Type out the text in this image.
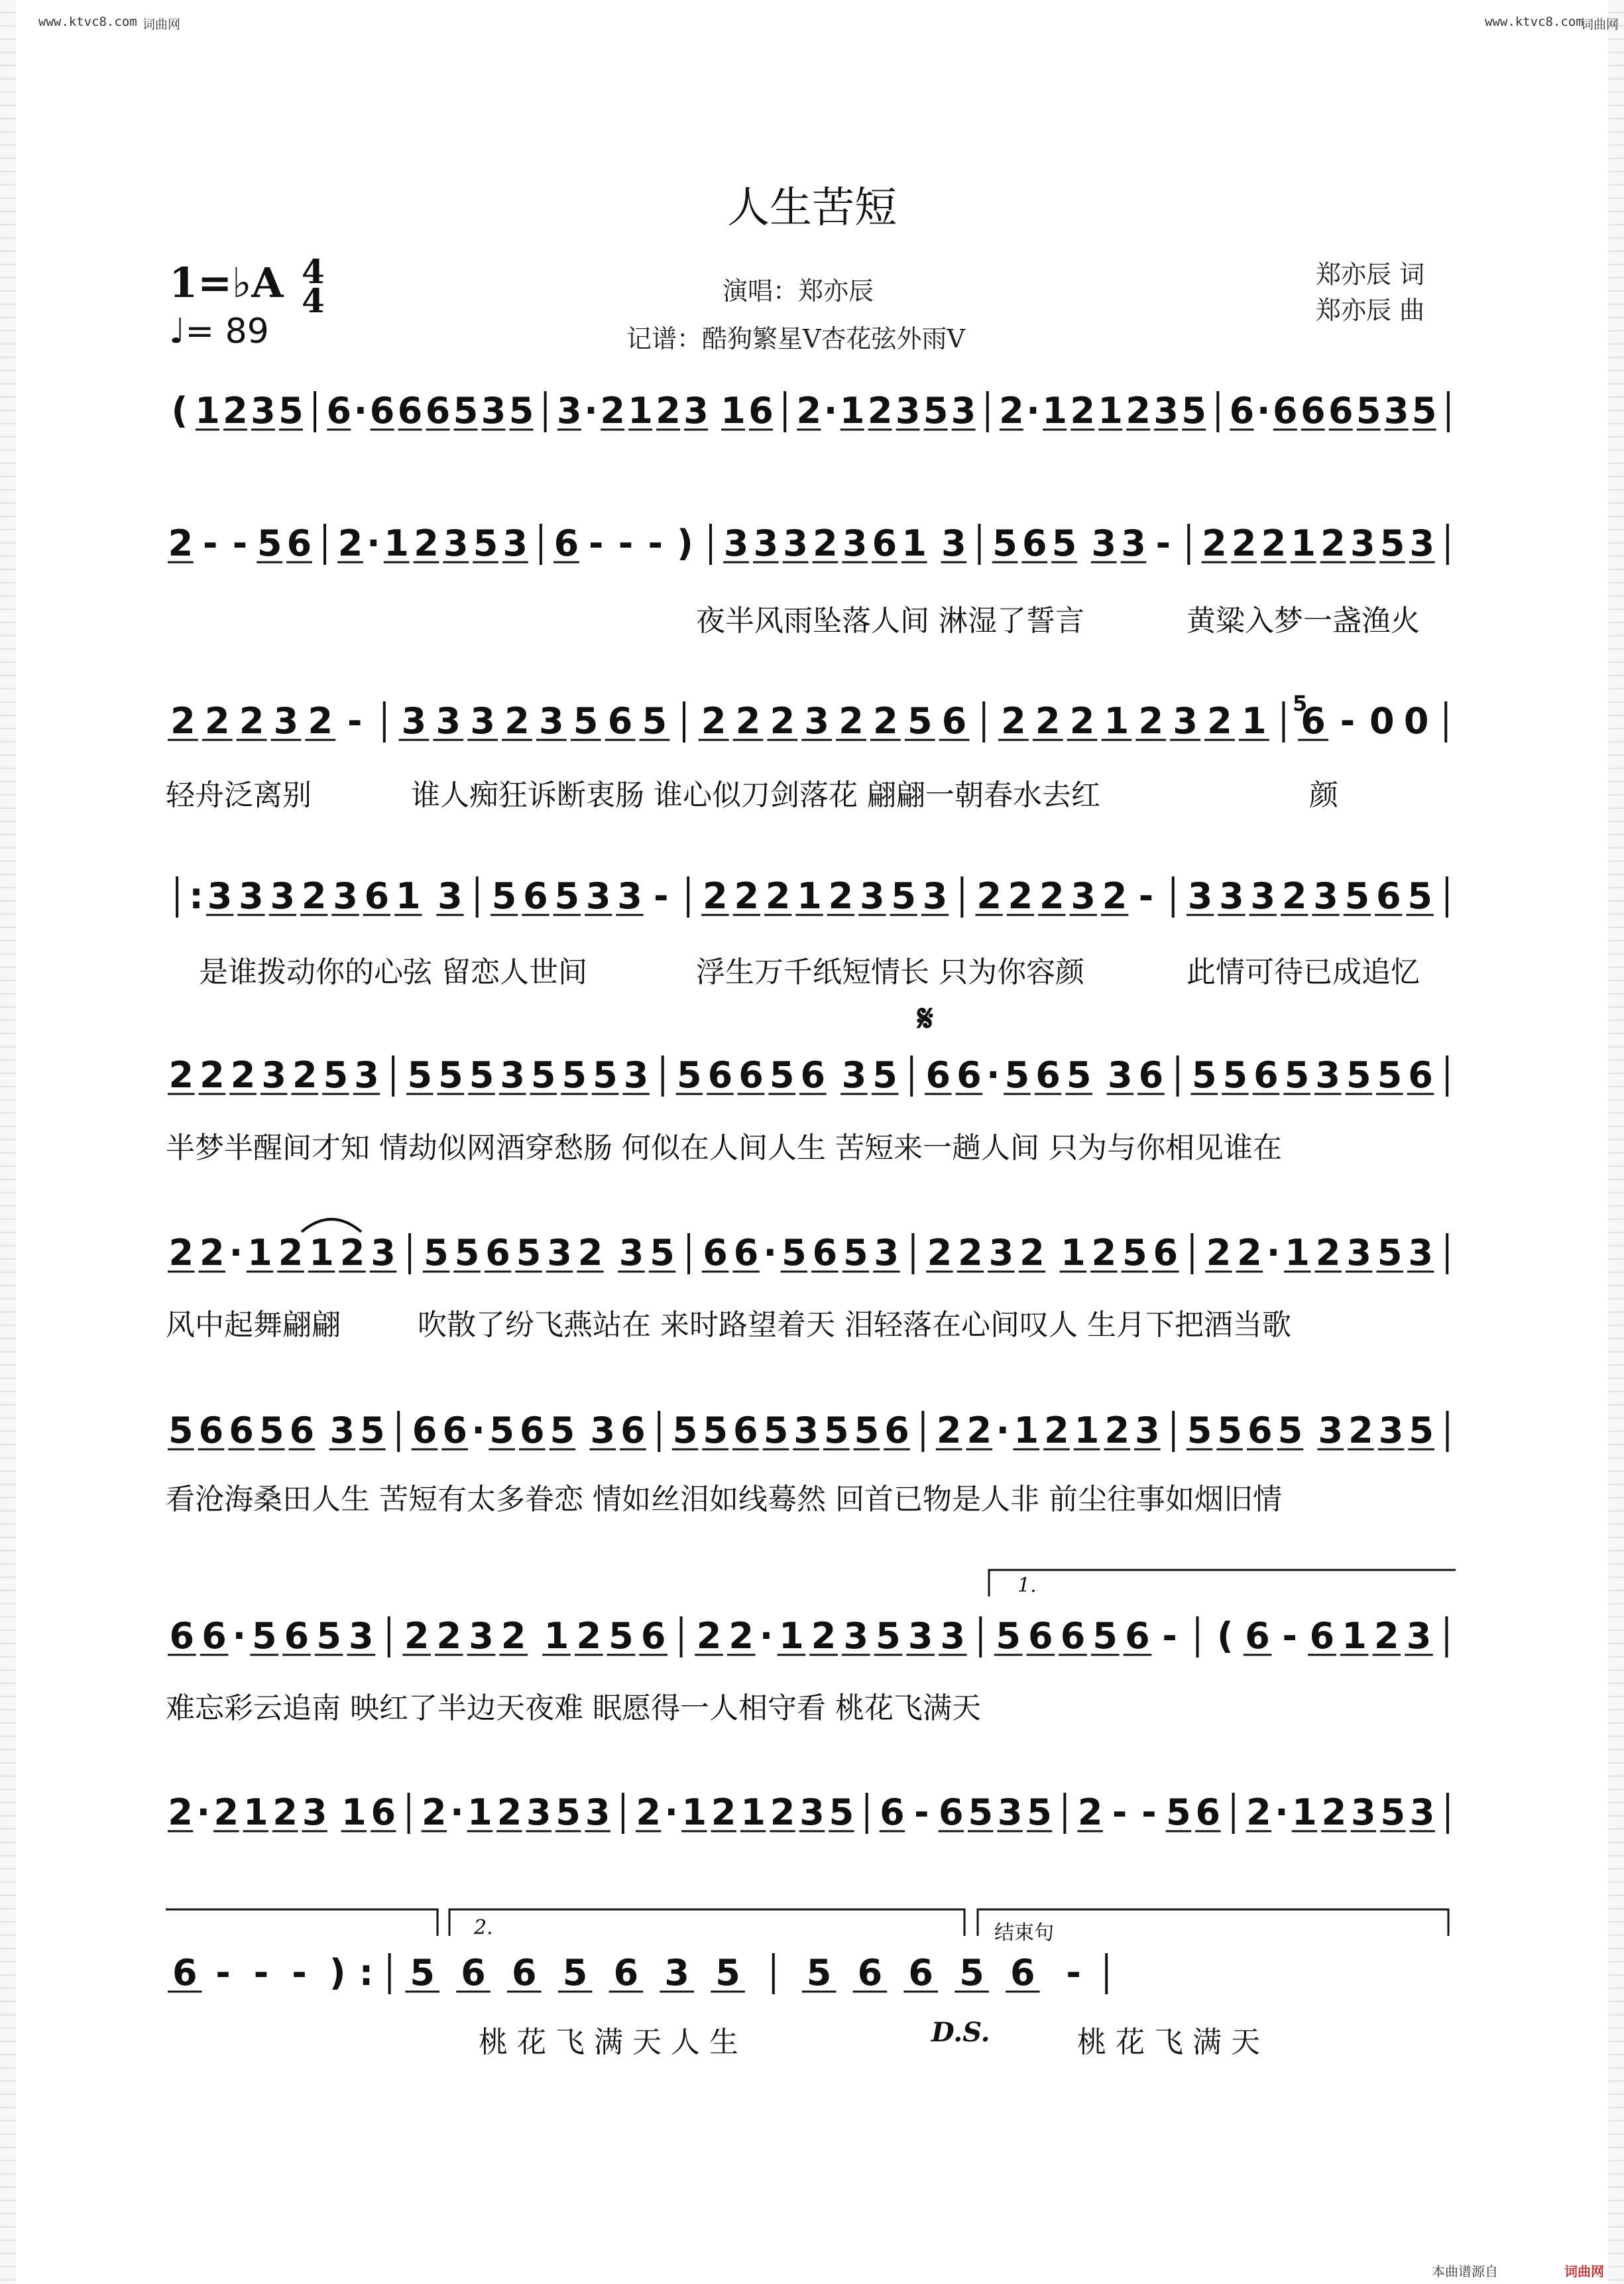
www.ktvc8.com 词曲网	www.ktvc8.com
词曲网
人生苦短
1=♭A 4
4
♩= 89
演唱：郑亦辰
记谱：酷狗繁星V杏花弦外雨V
郑亦辰 词
郑亦辰 曲
( 1 2 3 5 6 · 6 6 6 5 3 5 3 · 2 1 2 3 1 6 2 · 1 2 3 5 3 2 · 1 2 1 2 3 5 6 · 6 6 6 5 3 5
2 - - 5 6 2 · 1 2 3 5 3 6 - - - ) 3 3 3 2 3 6 1 3 5 6 5 3 3 - 2 2 2 1 2 3 5 3
2 2 2 3 2 - 3 3 3 2 3 5 6 5 2 2 2 3 2 2 5 6 2 2 2 1 2 3 2 1 6 - 0 0
: 3 3 3 2 3 6 1 3 5 6 5 3 3 - 2 2 2 1 2 3 5 3 2 2 2 3 2 - 3 3 3 2 3 5 6 5
2 2 2 3 2 5 3 5 5 5 3 5 5 5 3 5 6 6 5 6 3 5 6 6 · 5 6 5 3 6 5 5 6 5 3 5 5 6
2 2 · 1 2 1 2 3 5 5 6 5 3 2 3 5 6 6 · 5 6 5 3 2 2 3 2 1 2 5 6 2 2 · 1 2 3 5 3
5 6 6 5 6 3 5 6 6 · 5 6 5 3 6 5 5 6 5 3 5 5 6 2 2 · 1 2 1 2 3 5 5 6 5 3 2 3 5
6 6 · 5 6 5 3 2 2 3 2 1 2 5 6 2 2 · 1 2 3 5 3 3 5 6 6 5 6 - ( 6 - 6 1 2 3
2 · 2 1 2 3 1 6 2 · 1 2 3 5 3 2 · 1 2 1 2 3 5 6 - 6 5 3 5 2 - - 5 6 2 · 1 2 3 5 3
6 - - - ) : 5 6 6 5 6 3 5 5 6 6 5 6 -
夜半风雨坠落人间 淋湿了誓言	黄粱入梦一盏渔火
轻舟泛离别	谁人痴狂诉断衷肠 谁心似刀剑落花 翩翩一朝春水去红	颜
是谁拨动你的心弦 留恋人世间	浮生万千纸短情长 只为你容颜	此情可待已成追忆
半梦半醒间才知 情劫似网酒穿愁肠 何似在人间人生 苦短来一趟人间 只为与你相见谁在
风中起舞翩翩	吹散了纷飞燕站在 来时路望着天 泪轻落在心间叹人 生月下把酒当歌
看沧海桑田人生 苦短有太多眷恋 情如丝泪如线蓦然 回首已物是人非 前尘往事如烟旧情
难忘彩云追南 映红了半边天夜难 眠愿得一人相守看 桃花飞满天
桃 花 飞 满 天 人 生	桃 花 飞 满 天
𝄋
D.S.
1.
2.	结束句
5
本曲谱源自	词曲网
